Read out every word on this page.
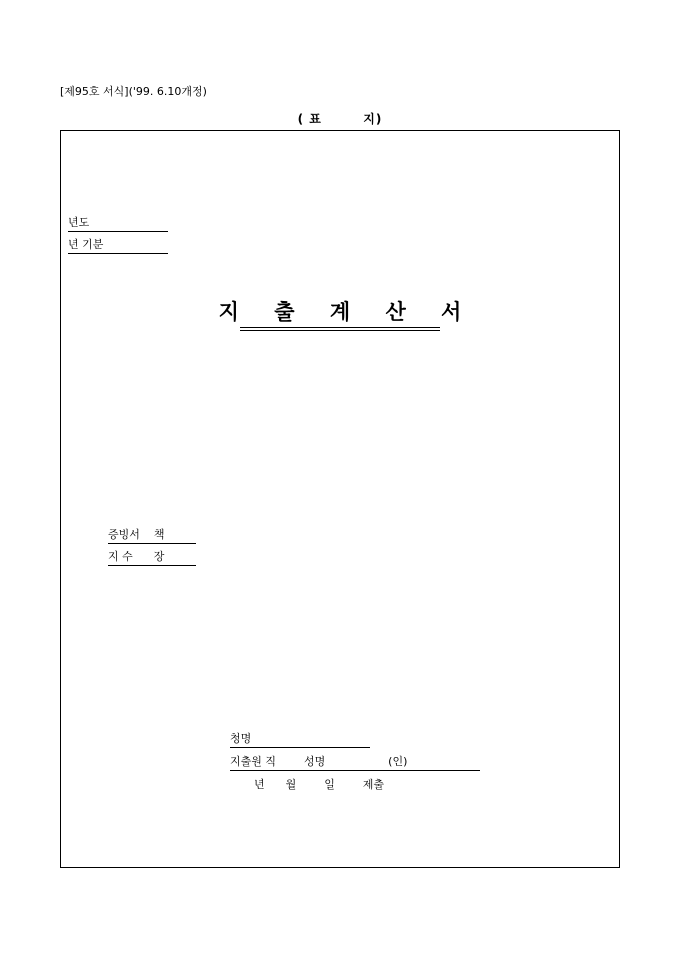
[제95호 서식]('99. 6.10개정)
( 표        지)
년도
년 기분
지 출 계 산 서
증빙서    책
지 수      장
청명
지출원 직        성명                  (인)
년      월        일        제출
